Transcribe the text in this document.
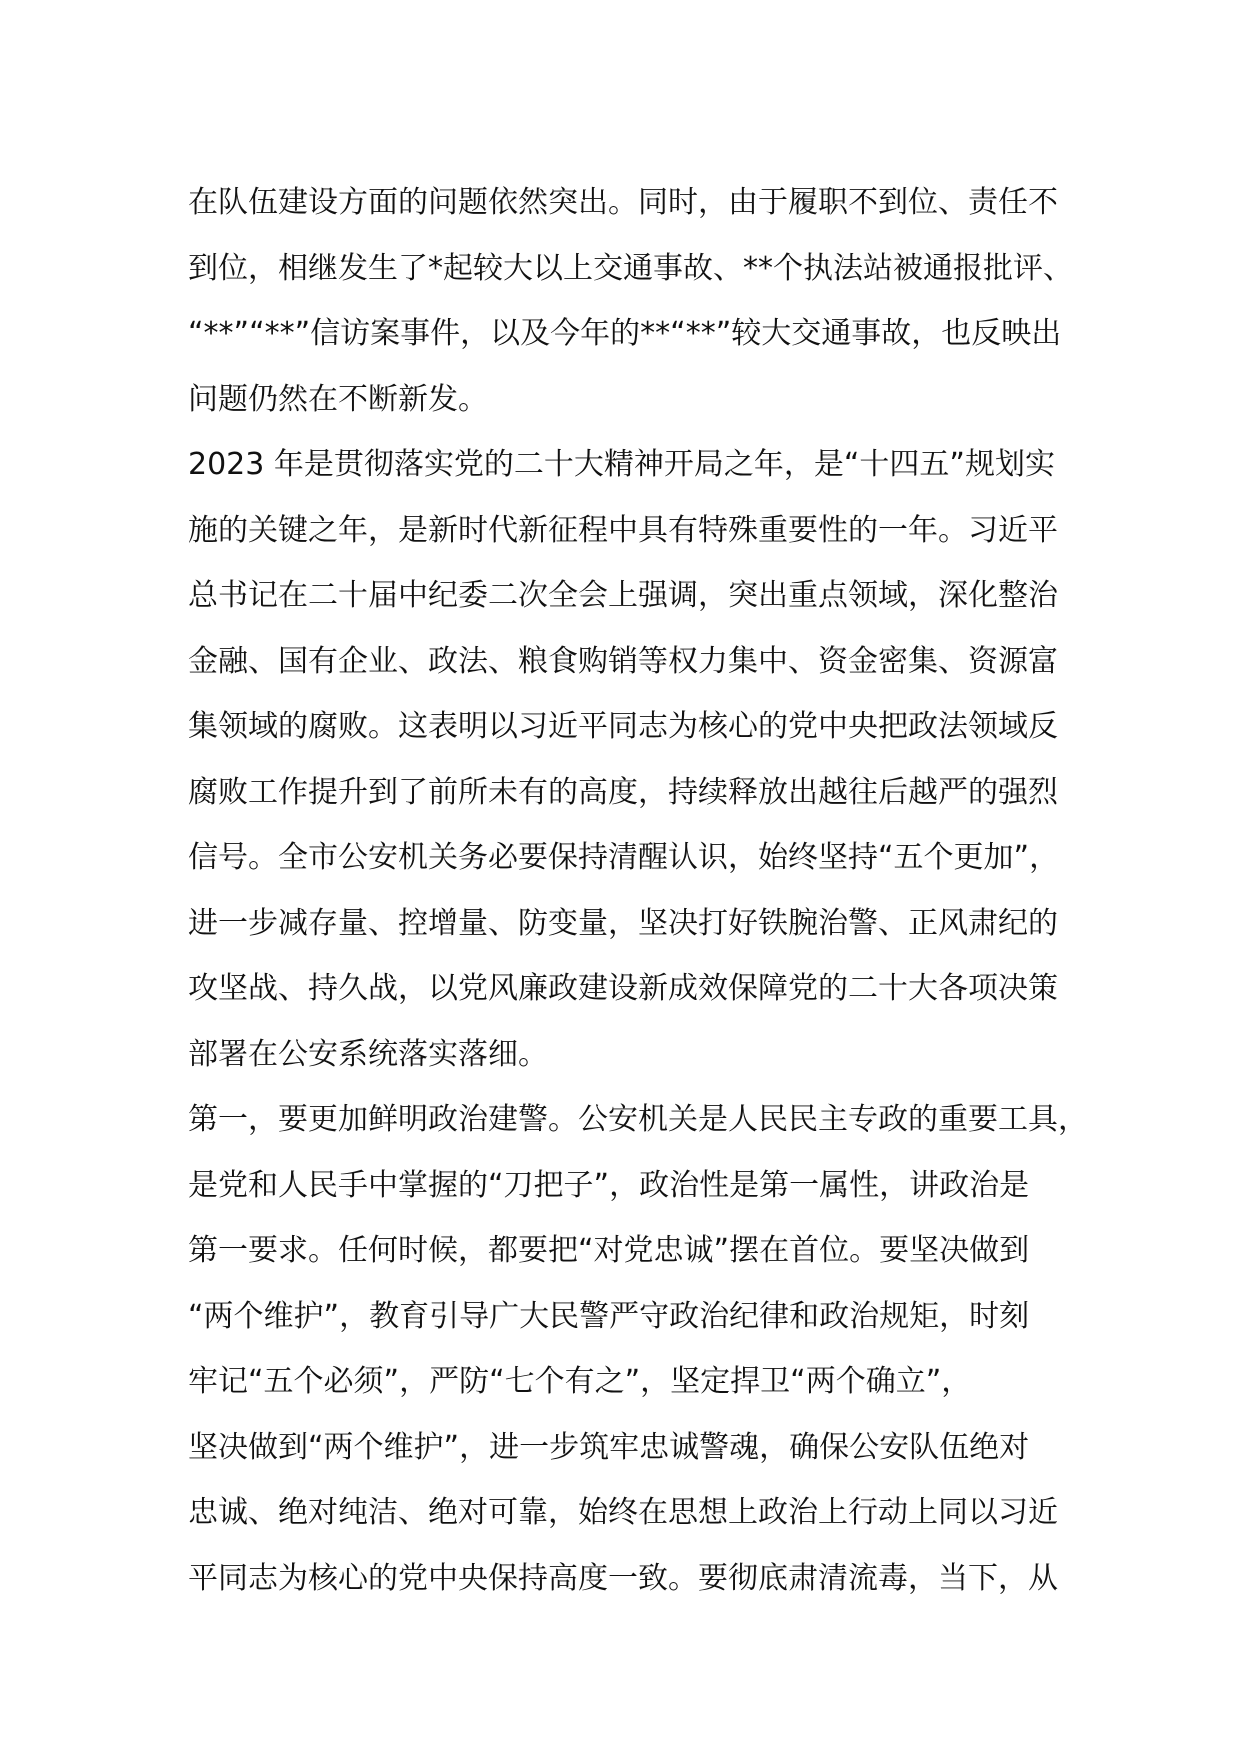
在队伍建设方面的问题依然突出。同时，由于履职不到位、责任不
到位，相继发生了*起较大以上交通事故、**个执法站被通报批评、
“**”“**”信访案事件，以及今年的**“**”较大交通事故，也反映出
问题仍然在不断新发。
2023 年是贯彻落实党的二十大精神开局之年，是“十四五”规划实
施的关键之年，是新时代新征程中具有特殊重要性的一年。习近平
总书记在二十届中纪委二次全会上强调，突出重点领域，深化整治
金融、国有企业、政法、粮食购销等权力集中、资金密集、资源富
集领域的腐败。这表明以习近平同志为核心的党中央把政法领域反
腐败工作提升到了前所未有的高度，持续释放出越往后越严的强烈
信号。全市公安机关务必要保持清醒认识，始终坚持“五个更加”，
进一步减存量、控增量、防变量，坚决打好铁腕治警、正风肃纪的
攻坚战、持久战，以党风廉政建设新成效保障党的二十大各项决策
部署在公安系统落实落细。
第一，要更加鲜明政治建警。公安机关是人民民主专政的重要工具，
是党和人民手中掌握的“刀把子”，政治性是第一属性，讲政治是
第一要求。任何时候，都要把“对党忠诚”摆在首位。要坚决做到
“两个维护”，教育引导广大民警严守政治纪律和政治规矩，时刻
牢记“五个必须”，严防“七个有之”，坚定捍卫“两个确立”，
坚决做到“两个维护”，进一步筑牢忠诚警魂，确保公安队伍绝对
忠诚、绝对纯洁、绝对可靠，始终在思想上政治上行动上同以习近
平同志为核心的党中央保持高度一致。要彻底肃清流毒，当下，从
